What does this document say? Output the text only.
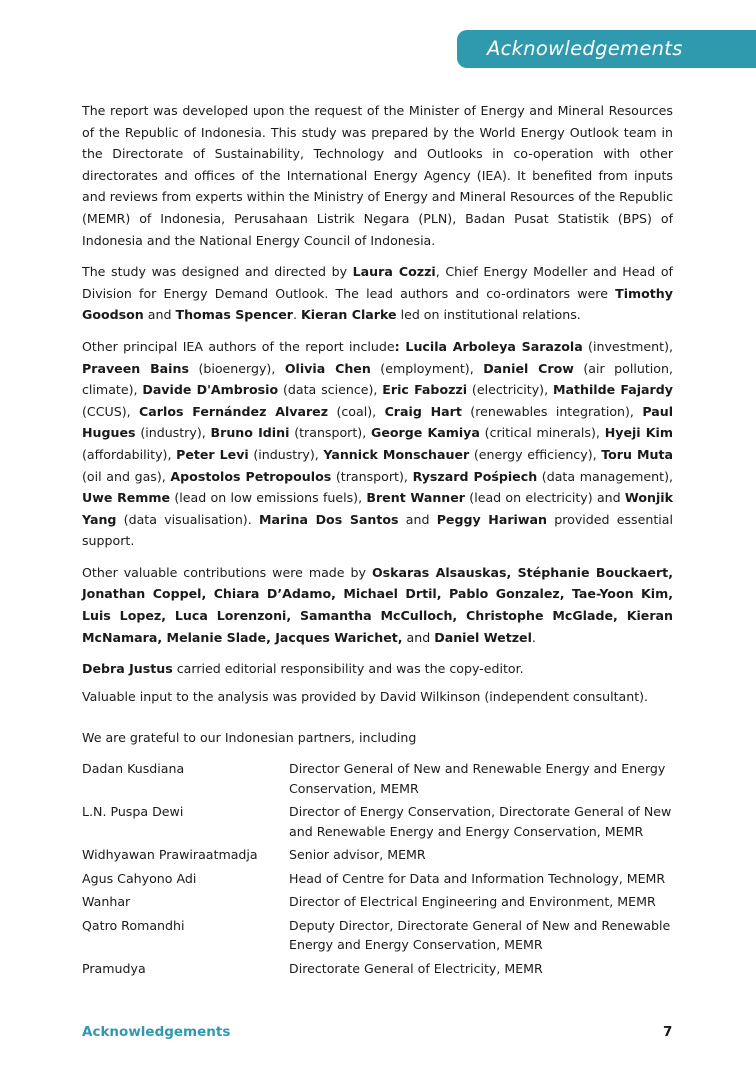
Acknowledgements

The report was developed upon the request of the Minister of Energy and Mineral Resources of the Republic of Indonesia. This study was prepared by the World Energy Outlook team in the Directorate of Sustainability, Technology and Outlooks in co-operation with other directorates and offices of the International Energy Agency (IEA). It benefited from inputs and reviews from experts within the Ministry of Energy and Mineral Resources of the Republic (MEMR) of Indonesia, Perusahaan Listrik Negara (PLN), Badan Pusat Statistik (BPS) of Indonesia and the National Energy Council of Indonesia.

The study was designed and directed by Laura Cozzi, Chief Energy Modeller and Head of Division for Energy Demand Outlook. The lead authors and co-ordinators were Timothy Goodson and Thomas Spencer. Kieran Clarke led on institutional relations.

Other principal IEA authors of the report include: Lucila Arboleya Sarazola (investment), Praveen Bains (bioenergy), Olivia Chen (employment), Daniel Crow (air pollution, climate), Davide D'Ambrosio (data science), Eric Fabozzi (electricity), Mathilde Fajardy (CCUS), Carlos Fernández Alvarez (coal), Craig Hart (renewables integration), Paul Hugues (industry), Bruno Idini (transport), George Kamiya (critical minerals), Hyeji Kim (affordability), Peter Levi (industry), Yannick Monschauer (energy efficiency), Toru Muta (oil and gas), Apostolos Petropoulos (transport), Ryszard Pośpiech (data management), Uwe Remme (lead on low emissions fuels), Brent Wanner (lead on electricity) and Wonjik Yang (data visualisation). Marina Dos Santos and Peggy Hariwan provided essential support.

Other valuable contributions were made by Oskaras Alsauskas, Stéphanie Bouckaert, Jonathan Coppel, Chiara D’Adamo, Michael Drtil, Pablo Gonzalez, Tae-Yoon Kim, Luis Lopez, Luca Lorenzoni, Samantha McCulloch, Christophe McGlade, Kieran McNamara, Melanie Slade, Jacques Warichet, and Daniel Wetzel.

Debra Justus carried editorial responsibility and was the copy-editor.

Valuable input to the analysis was provided by David Wilkinson (independent consultant).

We are grateful to our Indonesian partners, including

Dadan Kusdiana	Director General of New and Renewable Energy and Energy Conservation, MEMR
L.N. Puspa Dewi	Director of Energy Conservation, Directorate General of New and Renewable Energy and Energy Conservation, MEMR
Widhyawan Prawiraatmadja	Senior advisor, MEMR
Agus Cahyono Adi	Head of Centre for Data and Information Technology, MEMR
Wanhar	Director of Electrical Engineering and Environment, MEMR
Qatro Romandhi	Deputy Director, Directorate General of New and Renewable Energy and Energy Conservation, MEMR
Pramudya	Directorate General of Electricity, MEMR
Acknowledgements	7
